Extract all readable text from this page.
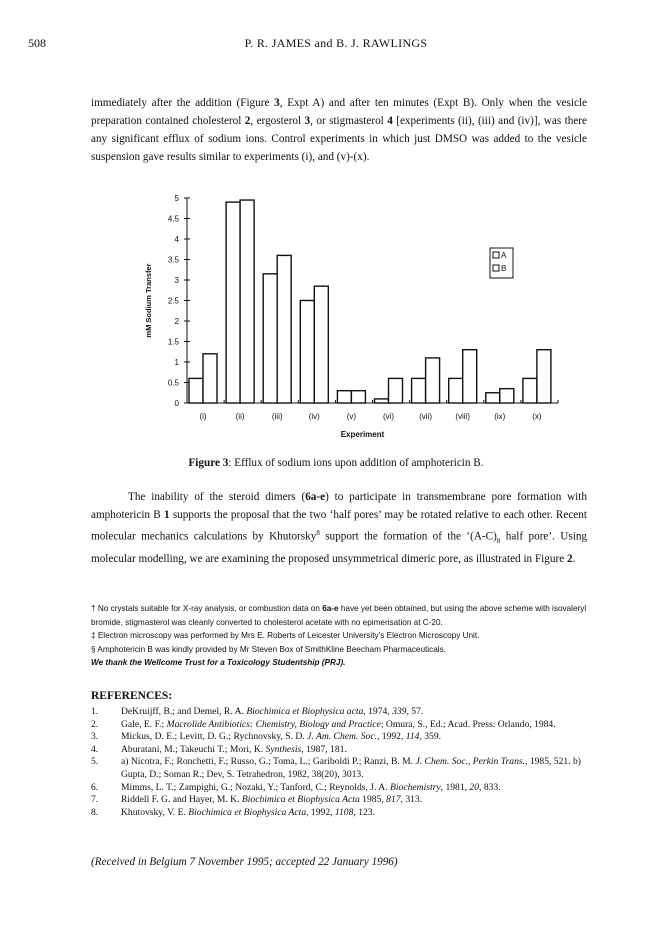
508	P. R. JAMES and B. J. RAWLINGS
immediately after the addition (Figure 3, Expt A) and after ten minutes (Expt B). Only when the vesicle preparation contained cholesterol 2, ergosterol 3, or stigmasterol 4 [experiments (ii), (iii) and (iv)], was there any significant efflux of sodium ions. Control experiments in which just DMSO was added to the vesicle suspension gave results similar to experiments (i), and (v)-(x).
0
0.5
1
1.5
2
2.5
3
3.5
4
4.5
5
mM Sodium Transfer
(i)	(ii)	(iii)	(iv)	(v)	(vi)	(vii)	(viii)	(ix)	(x)
Experiment
A
B
Figure 3: Efflux of sodium ions upon addition of amphotericin B.
The inability of the steroid dimers (6a-e) to participate in transmembrane pore formation with amphotericin B 1 supports the proposal that the two ‘half pores’ may be rotated relative to each other. Recent molecular mechanics calculations by Khutorsky$^8$ support the formation of the ‘$(A-C)_8$ half pore’. Using molecular modelling, we are examining the proposed unsymmetrical dimeric pore, as illustrated in Figure 2.

† No crystals suitable for X-ray analysis, or combustion data on 6a-e have yet been obtained, but using the above scheme with isovaleryl bromide, stigmasterol was cleanly converted to cholesterol acetate with no epimerisation at C-20.

‡ Electron microscopy was performed by Mrs E. Roberts of Leicester University’s Electron Microscopy Unit.

§ Amphotericin B was kindly provided by Mr Steven Box of SmithKline Beecham Pharmaceuticals.

We thank the Wellcome Trust for a Toxicology Studentship (PRJ).

REFERENCES:
1. DeKruijff, B.; and Demel, R. A. Biochimica et Biophysica acta, 1974, 339, 57.
2. Gale, E. F.; Macrolide Antibiotics: Chemistry, Biology and Practice; Omura, S., Ed.; Acad. Press: Orlando, 1984.
3. Mickus, D. E.; Levitt, D. G.; Rychnovsky, S. D. J. Am. Chem. Soc., 1992, 114, 359.
4. Aburatani, M.; Takeuchi T.; Mori, K. Synthesis, 1987, 181.
5. a) Nicotra, F.; Ronchetti, F.; Russo, G.; Toma, L.; Gariboldi P.; Ranzi, B. M. J. Chem. Soc., Perkin Trans., 1985, 521. b) Gupta, D.; Soman R.; Dev, S. Tetrahedron, 1982, 38(20), 3013.
6. Mimms, L. T.; Zampighi, G.; Nozaki, Y.; Tanford, C.; Reynolds, J. A. Biochemistry, 1981, 20, 833.
7. Riddell F. G. and Hayer, M. K. Biochimica et Biophysica Acta 1985, 817, 313.
8. Khutovsky, V. E. Biochimica et Biophysica Acta, 1992, 1108, 123.
(Received in Belgium 7 November 1995; accepted 22 January 1996)
